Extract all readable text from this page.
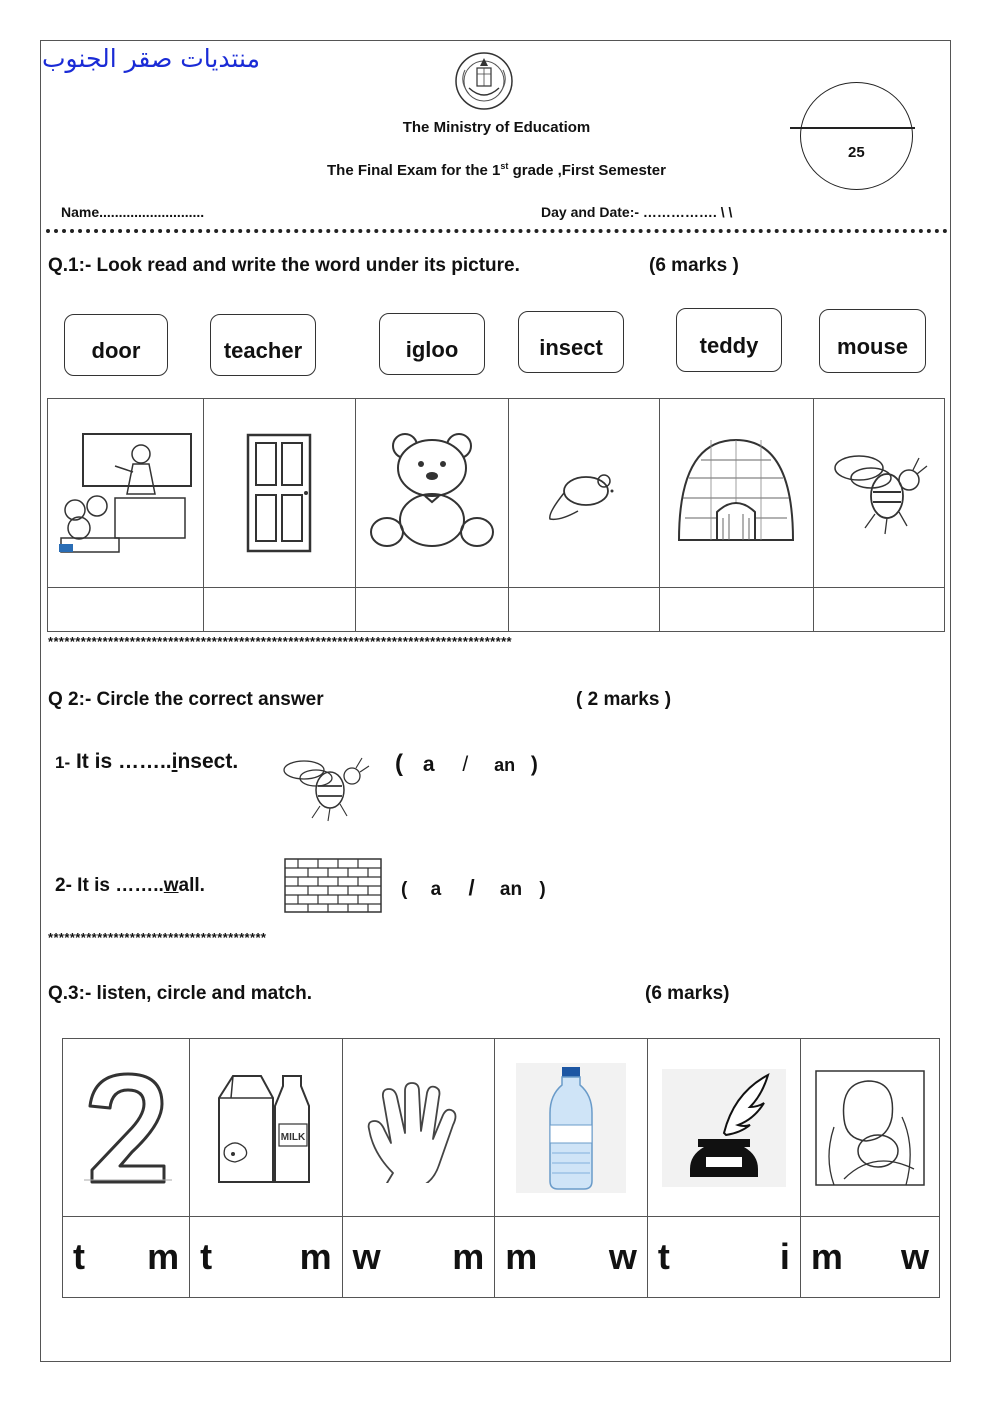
منتديات صقر الجنوب
The Ministry of Educatiom
The Final Exam for the 1st grade ,First Semester
25
Name...........................	Day and Date:- ……………. \ \
Q.1:- Look read and write the word under its picture.	(6 marks )
door	teacher	igloo	insect	teddy	mouse

*************************************************************************************
Q 2:- Circle the correct answer	( 2 marks )
1- It is ……..insect.	( a / an )
2- It is ……..wall.	( a / an )
****************************************
Q.3:- listen, circle and match.	(6 marks)

MILK

t m	t m	w m	m w	t i	m w
